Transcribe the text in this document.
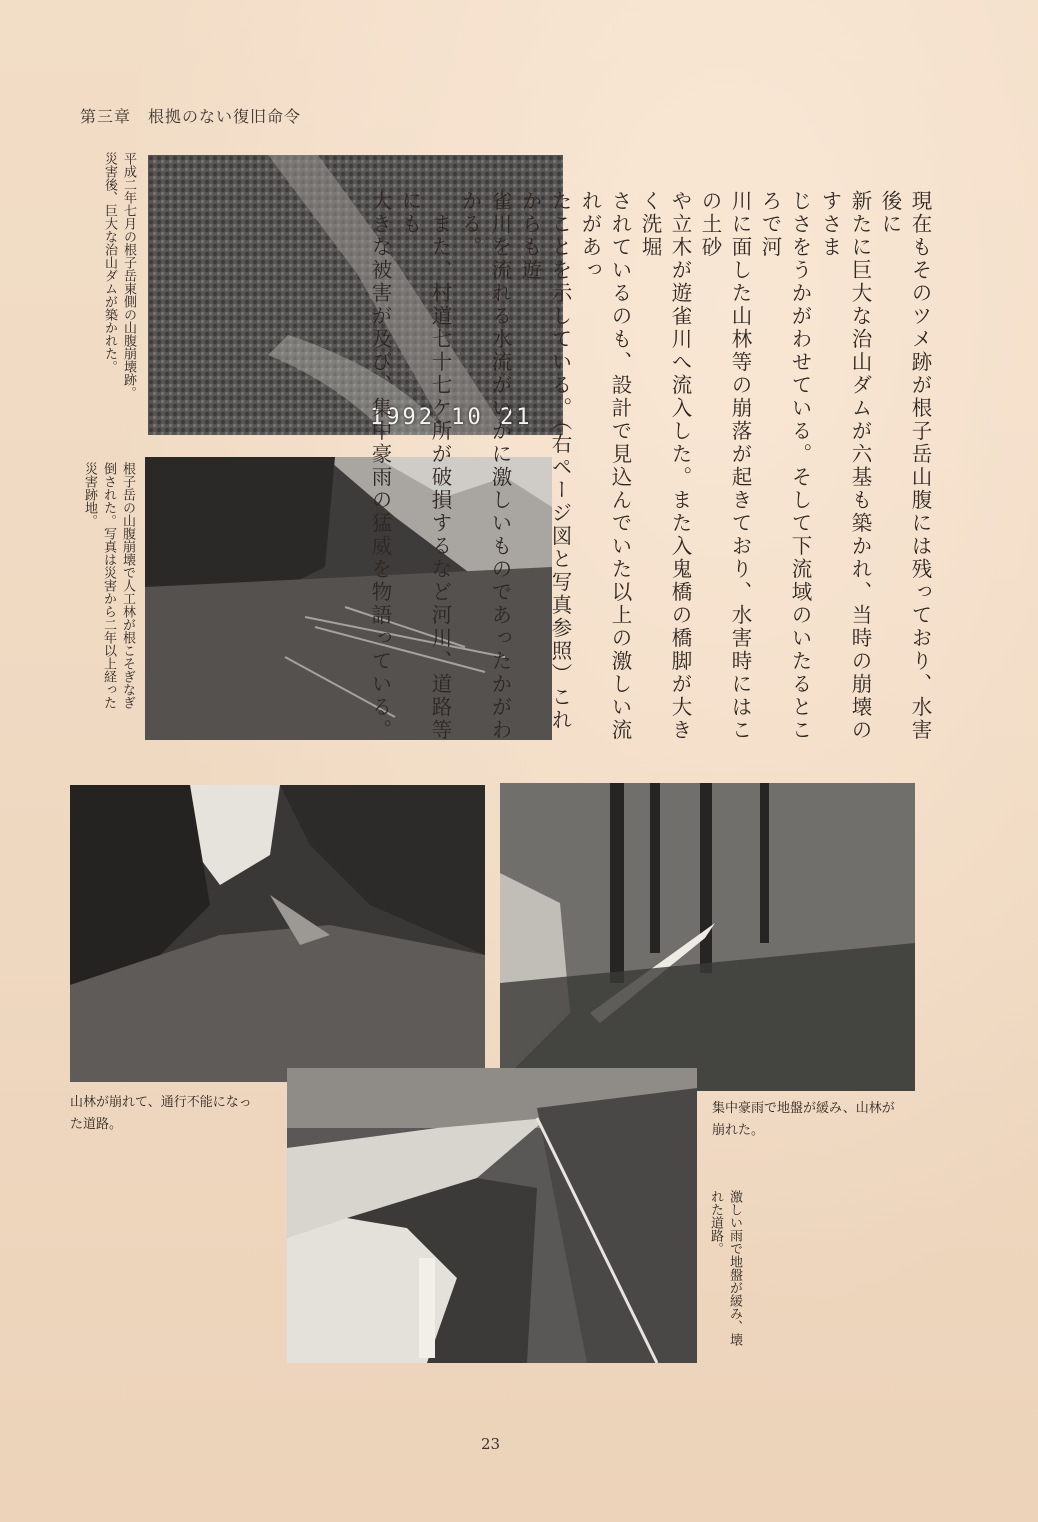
第三章　 根拠のない復旧命令
平成二年七月の根子岳東側の山腹崩壊跡。
災害後、巨大な治山ダムが築かれた。
1992 10 21
根子岳の山腹崩壊で人工林が根こそぎなぎ
倒された。写真は災害から二年以上経った
災害跡地。	現在もそのツメ跡が根子岳山腹には残っており、水害後に
新たに巨大な治山ダムが六基も築かれ、当時の崩壊のすさま
じさをうかがわせている。そして下流域のいたるところで河
川に面した山林等の崩落が起きており、水害時にはこの土砂
や立木が遊雀川へ流入した。また入鬼橋の橋脚が大きく洗堀
されているのも、設計で見込んでいた以上の激しい流れがあっ
たことを示している。（右ページ図と写真参照）これからも遊
雀川を流れる水流がいかに激しいものであったかがわかる。
　また、村道七十七ケ所が破損するなど河川、道路等にも
大きな被害が及び、集中豪雨の猛威を物語っている。
山林が崩れて、通行不能になっ
た道路。
集中豪雨で地盤が緩み、山林が
崩れた。
激しい雨で地盤が緩み、壊
れた道路。
23
